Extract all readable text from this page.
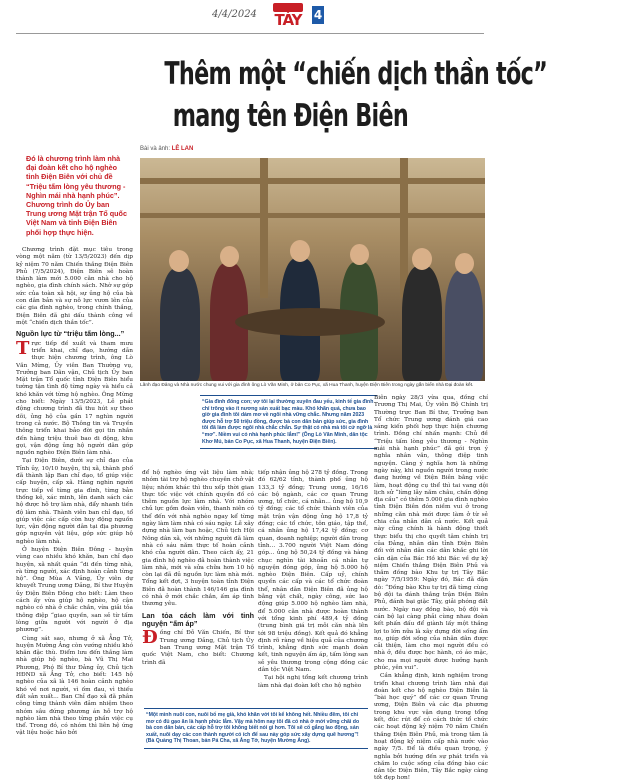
4/4/2024 TÀY	4
Thêm một “chiến dịch thần tốc”
mang tên Điện Biên
Bài và ảnh: LÊ LAN
Đó là chương trình làm nhà đại đoàn kết cho hộ nghèo tỉnh Điện Biên với chủ đề “Triệu tấm lòng yêu thương - Nghìn mái nhà hạnh phúc”. Chương trình do Ủy ban Trung ương Mặt trận Tổ quốc Việt Nam và tỉnh Điện Biên phối hợp thực hiện.
Lãnh đạo Đảng và Nhà nước chung vui với gia đình ông Lò Văn Minh, ở bản Co Pục, xã Hua Thanh, huyện Điện Biên trong ngày gắn biển nhà Đại đoàn kết.

Chương trình đặt mục tiêu trong vòng một năm (từ 13/5/2023) đến dịp kỷ niệm 70 năm Chiến thắng Điện Biên Phủ (7/5/2024), Điện Biên sẽ hoàn thành làm mới 5.000 căn nhà cho hộ nghèo, gia đình chính sách. Nhờ sự góp sức của toàn xã hội, sự ủng hộ của bà con dân bản và sự nỗ lực vươn lên của các gia đình nghèo, trong chính thắng, Điện Biên đã ghi dấu thành công về một “chiến dịch thần tốc”.

Nguồn lực từ “triệu tấm lòng...”

Trực tiếp đề xuất và tham mưu triển khai, chỉ đạo, hướng dẫn thực hiện chương trình, ông Lò Văn Mừng, Ủy viên Ban Thường vụ, Trưởng ban Dân vận, Chủ tịch Ủy ban Mặt trận Tổ quốc tỉnh Điện Biên hiểu tường tận tình độ từng ngày và hiểu cả khó khăn với từng hộ nghèo. Ông Mừng cho biết: Ngày 13/5/2023, Lễ phát động chương trình đã thu hút sự theo dõi, ủng hộ của gần 17 nghìn người trong cả nước. Bộ Thông tin và Truyền thông triển khai bảo đời gọi tin nhắn đến hàng triệu thuê bao di động, khu gọi, vận động ủng hộ người dân góp nguồn nghèo Điện Biên làm nhà.

Tại Điện Biên, dưới sự chỉ đạo của Tỉnh ủy, 10/10 huyện, thị xã, thành phố đã thành lập Ban chỉ đạo, tổ giúp việc cấp huyện, cấp xã. Hàng nghìn người trực tiếp về từng gia đình, từng bản thống kê, xác minh, lên danh sách các hộ được hỗ trợ làm nhà, đẩy nhanh tiến độ làm nhà. Thành viên ban chỉ đạo, tổ giúp việc các cấp còn huy động nguồn lực, vận động người dân tại địa phương góp nguyên vật liệu, góp sức giúp hộ nghèo làm nhà.

Ở huyện Điện Biên Đông - huyện vùng cao nhiều khó khăn, ban chỉ đạo huyện, xã nhất quán “di đến từng nhà, rà từng người, xác định hoàn cảnh từng hộ”. Ông Mùa A Vảng, Ủy viên dự khuyết Trung ương Đảng, Bí thư Huyện ủy Điện Biên Đông cho biết: Làm theo cách ấy vừa giúp hộ nghèo, hộ cận nghèo có nhà ở chắc chắn, vừa giải tỏa thông điệp “giao quyền, san sẻ từ tấm lòng giữa người với người ở địa phương”.

Cùng sát sao, nhưng ở xã Ẳng Tở, huyện Mường Ảng còn vướng nhiều khó khăn đặc thù. Điểm lưu đến thắng làm nhà giúp hộ nghèo, bà Vũ Thị Mai Phương, Phó Bí thư Đảng ủy, Chủ tịch HĐND xã Ẳng Tở, cho biết: 145 hộ nghèo của xã là 146 hoàn cảnh nghèo khó về nơi người, vì ốm đau, vì thiếu đất sản xuất... Ban Chỉ đạo xã đã phân công từng thành viên đảm nhiệm theo nhóm sâu đứng phương án hỗ trợ hộ nghèo làm nhà theo từng phần việc cụ thể. Trong đó, có nhóm thì liên hệ ứng vật liệu hoặc hảo bởi

“Gia đình đông con; vợ tôi lại thường xuyên đau yếu, kinh tế gia đình chỉ trông vào ít nương sản xuất bạc màu. Khó khăn quá, chưa bao giờ gia đình tôi dám mơ về ngôi nhà vững chắc. Nhưng năm 2023 được hỗ trợ 50 triệu đồng, được bà con dân bản giúp sức, gia đình tôi đã làm được ngôi nhà chắc chắn. Sự thật có nhà mà tôi cứ ngỡ là “mơ”. Niềm vui có nhà hạnh phúc lắm!” (Ông Lò Văn Minh, dân tộc Khơ Mú, bản Co Pục, xã Hua Thanh, huyện Điện Biên).

để hộ nghèo ứng vật liệu làm nhà; nhóm tài trợ hộ nghèo chuyên chở vật liệu; nhóm khác thì thu xếp thời gian thực tốc việc với chính quyền đồ có thêm nguồn lực làm nhà. Với nhóm chủ lực gồm đoàn viên, thanh niên có thể đến với nhà nghèo ngay kể từng ngày làm làm nhà có sáu ngày. Lễ xây dựng nhà làm bạn hoặc, Chủ tịch Hội Nông dân xã, với những người đã làm nhà có sáu năm thực tế hoàn cảnh khó của người dân. Theo cách ấy, 21 gia đình hộ nghèo đã hoàn thành việc làm nhà, mới và sửa chữa hơn 10 hộ còn lại đã đủ nguồn lực làm nhà mới. Tổng kết đợt, 3 huyện toàn tỉnh Điện Biên đã hoàn thành 146/146 gia đình có nhà ở mới chắc chắn, ấm áp tình thương yêu.

Lan tỏa cách làm với tinh nguyện “ấm áp”

Đồng chí Đỗ Văn Chiến, Bí thư Trung ương Đảng, Chủ tịch Ủy ban Trung ương Mặt trận Tổ quốc Việt Nam, cho biết: Chương trình đã

tiếp nhận ủng hộ 278 tỷ đồng. Trong đó 62/62 tỉnh, thành phố ủng hộ 133,3 tỷ đồng; Trung ương, 16/16 các bộ ngành, các cơ quan Trung ương, tổ chức, cá nhân... ủng hộ 10,9 tỷ đồng; các tổ chức thành viên của mặt trận vận động ủng hộ 17,8 tỷ đồng; các tổ chức, tôn giáo, tập thể, cá nhân ủng hộ 17,42 tỷ đồng; cơ quan, doanh nghiệp; người dân trong tỉnh... 3.700 người Việt Nam đóng góp... ủng hộ 50,24 tỷ đồng và hàng chục nghìn tài khoản cá nhân tự nguyện đóng góp, ủng hộ 5.000 hộ nghèo Điện Biên. Cấp uỷ, chính quyền các cấp và các tổ chức đoàn thể, nhân dân Điện Biên đã ủng hộ bằng vật chất, ngày công, sức lao động giúp 5.000 hộ nghèo làm nhà, để 5.000 căn nhà được hoàn thành với tổng kinh phí 489,4 tỷ đồng (trung bình giá trị mỗi căn nhà lên tới 98 triệu đồng). Kết quả đó khẳng định rõ ràng về hiệu quả của chương trình, khẳng định sức mạnh đoàn kết, tinh nguyện ấm áp, tấm lòng san sẻ yêu thương trong cộng đồng các dân tộc Việt Nam.

Tại hội nghị tổng kết chương trình làm nhà đại đoàn kết cho hộ nghèo

“Một mình nuôi con, nuôi bố mẹ già, khó khăn với tôi kể không hết. Nhiều đêm, tôi chỉ mơ có đủ gạo ăn là hạnh phúc lắm. Vậy mà hôm nay tôi đã có nhà ở mới vững chãi do bà con dân bản, các cấp hỗ trợ tôi không biết nói gì hơn. Tôi sẽ cố gắng lao động, sản xuất, nuôi dạy các con thành người có ích để sau này góp sức xây dựng quê hương”! (Bà Quàng Thị Thoan, bản Pá Cha, xã Ẳng Tở, huyện Mường Ảng).

Biên ngày 28/3 vừa qua, đồng chí Trương Thị Mai, Ủy viên Bộ Chính trị Thường trực Ban Bí thư, Trưởng ban Tổ chức Trung ương đánh giá cao sáng kiến phối hợp thực hiện chương trình. Đồng chí nhấn mạnh: Chủ đề “Triệu tấm lòng yêu thương - Nghìn mái nhà hạnh phúc” đã gói trọn ý nghĩa nhân văn, thông điệp tinh nguyện. Càng ý nghĩa hơn là những ngày này, khi nguồn người trong nước đang hướng về Điện Biên bằng việc làm, hoạt động cụ thể thì tai vang dội lịch sử “lừng lẫy năm châu, chấn động địa cầu” có thêm 5.000 gia đình nghèo tỉnh Điện Biên đón niềm vui ở trong những căn nhà mới được làm ở từ sẻ chia của nhân dân cả nước. Kết quả này cũng chính là hành động thiết thực biểu thị cho quyết tâm chính trị của Đảng, nhân dân tỉnh Điện Biên đối với nhân dân các dân khắc ghi lời căn dặn của Bác Hồ khi Bác về dự kỷ niệm Chiến thắng Điện Biên Phủ và thăm đồng bào Khu tự trị Tây Bắc ngày 7/5/1959: Ngày đó, Bác đã dặn dò: “Đồng bào Khu tự trị đã từng cùng bộ đội ta đánh thắng trận Điện Biên Phủ, đánh bại giặc Tây, giải phóng đất nước. Ngày nay đồng bào, bộ đội và cán bộ lại càng phải cùng nhau đoàn kết phấn đấu để giành lấy một thắng lợi to lớn nữa là xây dựng đời sống ấm no, giúp đời sống của nhân dân được cải thiện, làm cho mọi người đều có nhà ở, đều được học hành, có áo mặc, cho ma mọi người được hưởng hạnh phúc, yên vui”.

Cần khẳng định, kinh nghiệm trong triển khai chương trình làm nhà đại đoàn kết cho hộ nghèo Điện Biên là “bài học quý” để các cơ quan Trung ương, Điện Biên và các địa phương trong khu vực vận dụng trong tổng kết, đúc rút để có cách thức tổ chức các hoạt động kỷ niệm 70 năm Chiến thắng Điện Biên Phủ, mà trong tâm là hoạt động kỷ niệm cấp nhà nước vào ngày 7/5. Để là điều quan trọng, ý nghĩa bởi hướng đến sự phát triển và chăm lo cuộc sống của đồng bào các dân tộc Điện Biên, Tây Bắc ngày càng tốt đẹp hơn!
